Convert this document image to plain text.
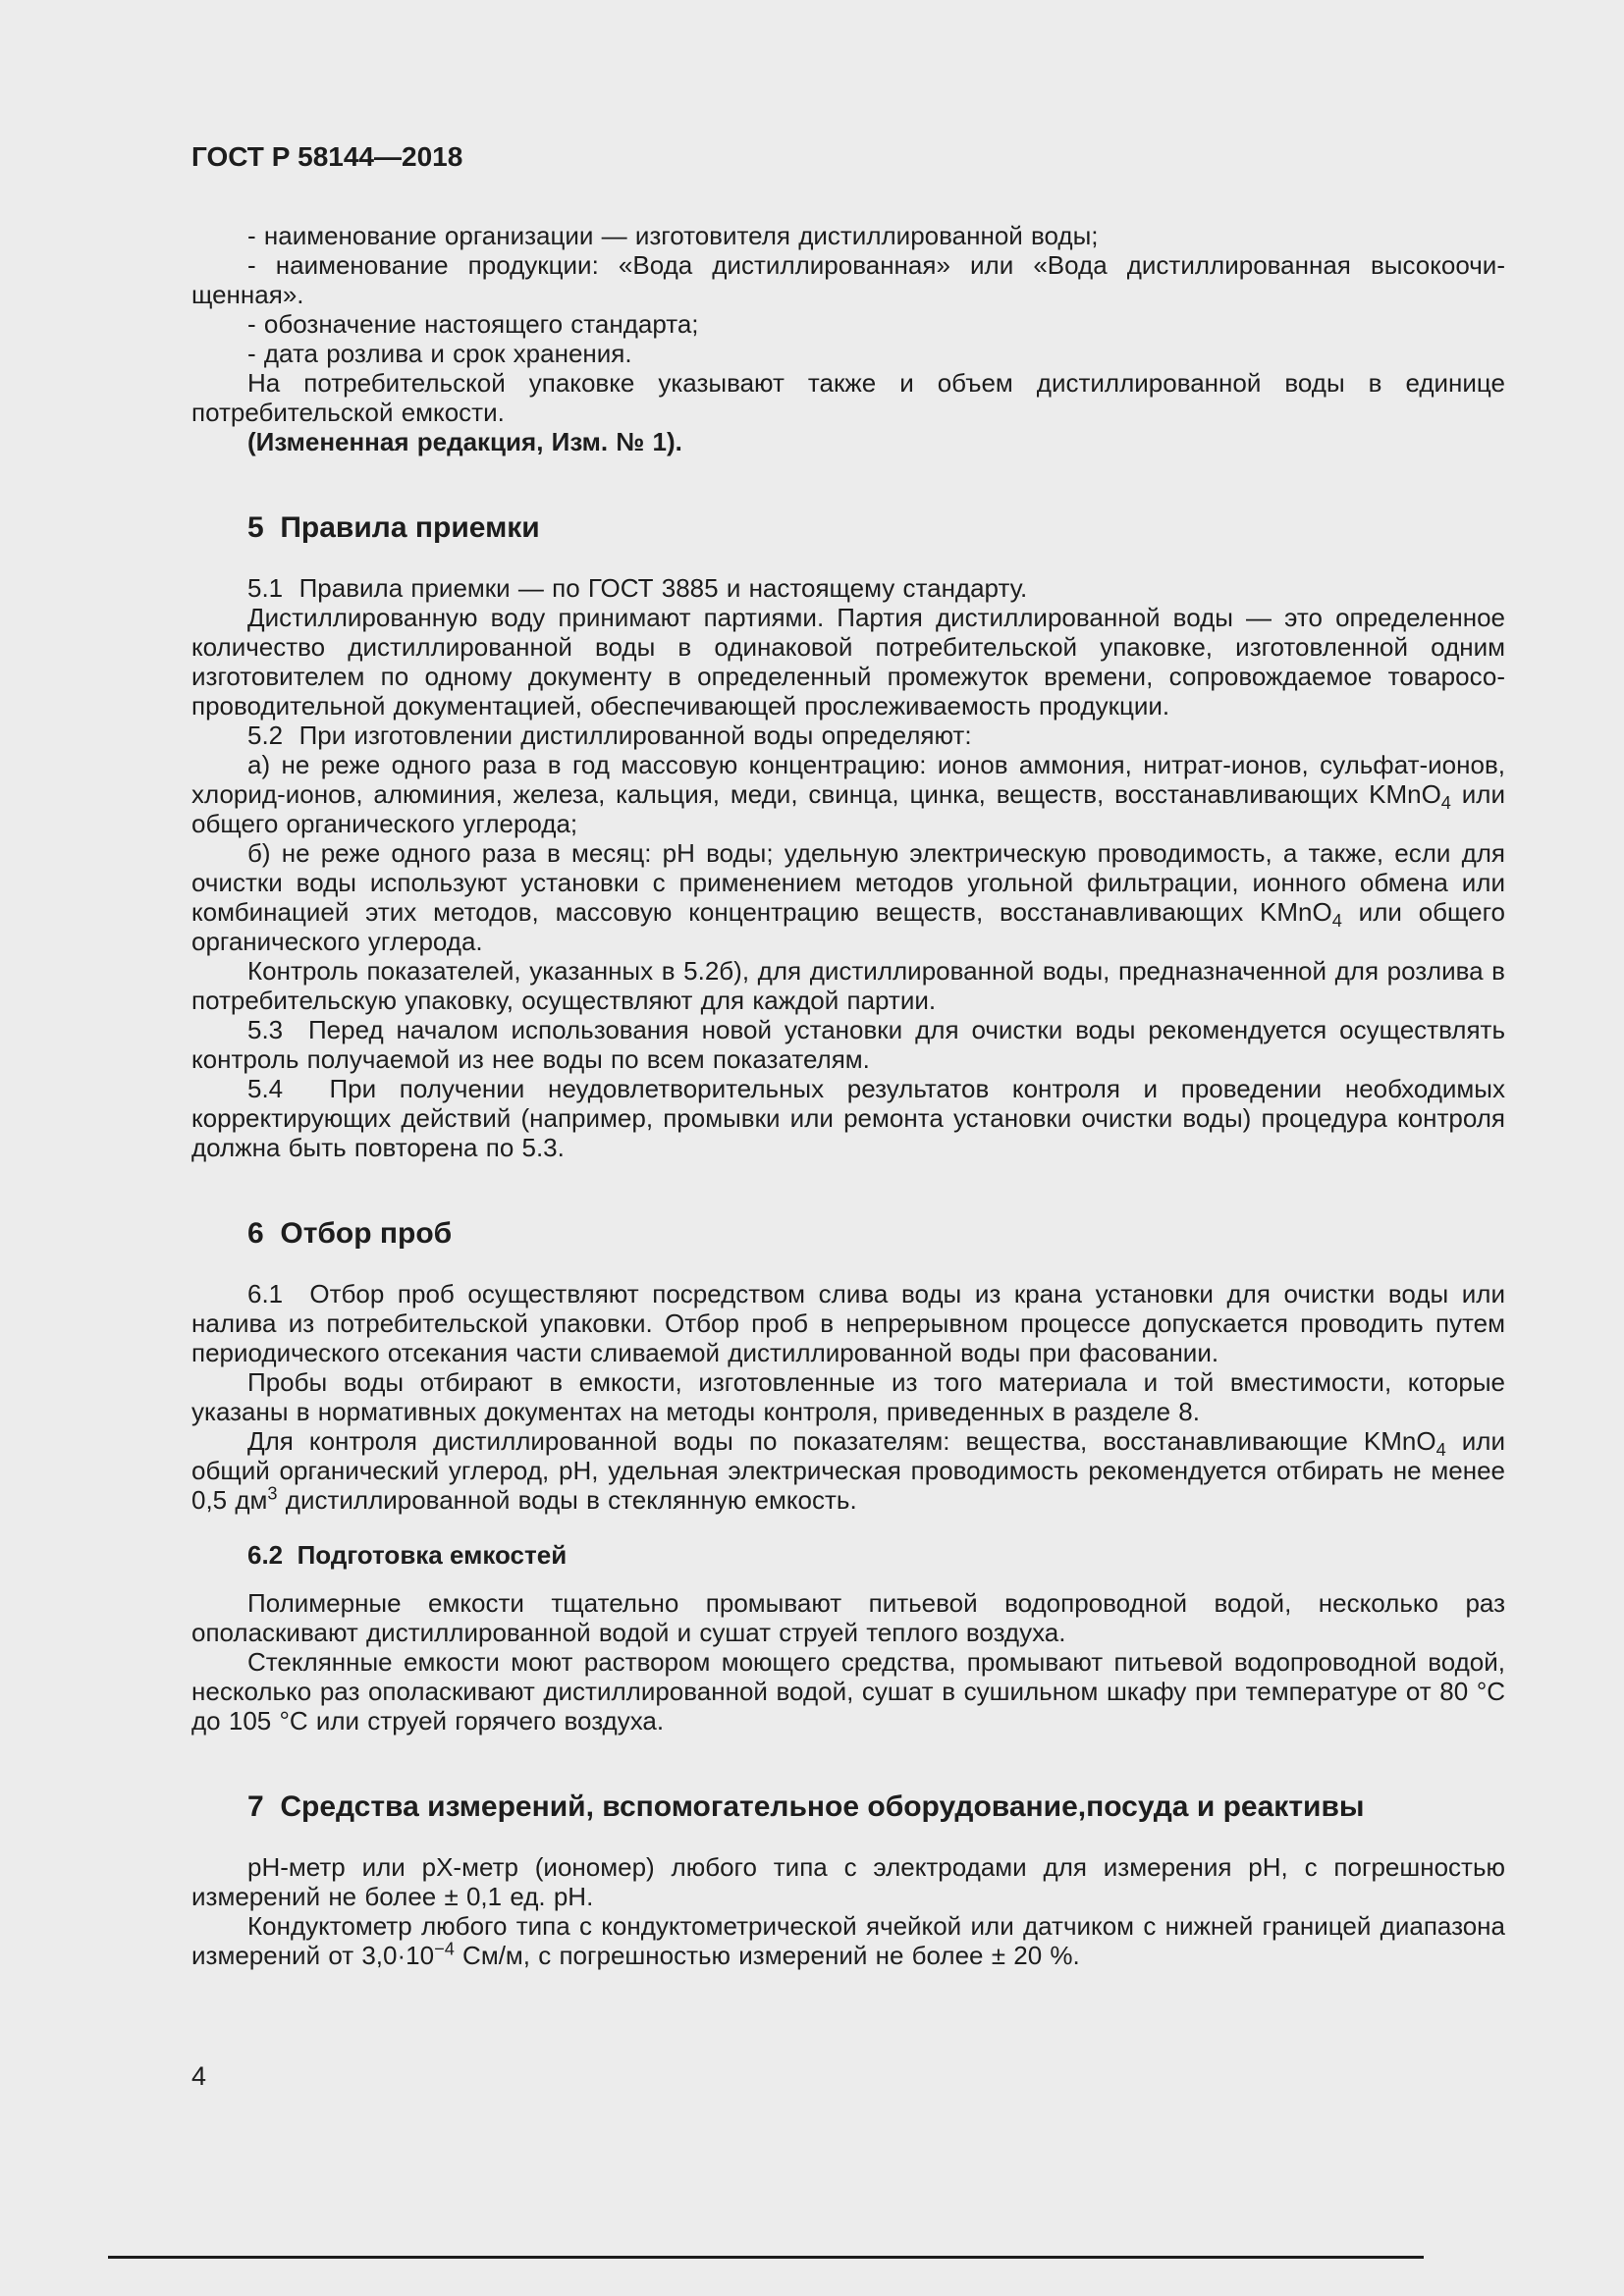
ГОСТ Р 58144—2018

- наименование организации — изготовителя дистиллированной воды;

- наименование продукции: «Вода дистиллированная» или «Вода дистиллированная высокоочищенная».

- обозначение настоящего стандарта;

- дата розлива и срок хранения.

На потребительской упаковке указывают также и объем дистиллированной воды в единице потребительской емкости.

(Измененная редакция, Изм. № 1).

5  Правила приемки

5.1  Правила приемки — по ГОСТ 3885 и настоящему стандарту.

Дистиллированную воду принимают партиями. Партия дистиллированной воды — это определенное количество дистиллированной воды в одинаковой потребительской упаковке, изготовленной одним изготовителем по одному документу в определенный промежуток времени, сопровождаемое товаросопроводительной документацией, обеспечивающей прослеживаемость продукции.

5.2  При изготовлении дистиллированной воды определяют:

а) не реже одного раза в год массовую концентрацию: ионов аммония, нитрат-ионов, сульфат-ионов, хлорид-ионов, алюминия, железа, кальция, меди, свинца, цинка, веществ, восстанавливающих KMnO$_4$ или общего органического углерода;

б) не реже одного раза в месяц: pH воды; удельную электрическую проводимость, а также, если для очистки воды используют установки с применением методов угольной фильтрации, ионного обмена или комбинацией этих методов, массовую концентрацию веществ, восстанавливающих KMnO$_4$ или общего органического углерода.

Контроль показателей, указанных в 5.2б), для дистиллированной воды, предназначенной для розлива в потребительскую упаковку, осуществляют для каждой партии.

5.3  Перед началом использования новой установки для очистки воды рекомендуется осуществлять контроль получаемой из нее воды по всем показателям.

5.4  При получении неудовлетворительных результатов контроля и проведении необходимых корректирующих действий (например, промывки или ремонта установки очистки воды) процедура контроля должна быть повторена по 5.3.

6  Отбор проб

6.1  Отбор проб осуществляют посредством слива воды из крана установки для очистки воды или налива из потребительской упаковки. Отбор проб в непрерывном процессе допускается проводить путем периодического отсекания части сливаемой дистиллированной воды при фасовании.

Пробы воды отбирают в емкости, изготовленные из того материала и той вместимости, которые указаны в нормативных документах на методы контроля, приведенных в разделе 8.

Для контроля дистиллированной воды по показателям: вещества, восстанавливающие KMnO$_4$ или общий органический углерод, pH, удельная электрическая проводимость рекомендуется отбирать не менее 0,5 $дм^3$ дистиллированной воды в стеклянную емкость.

6.2  Подготовка емкостей

Полимерные емкости тщательно промывают питьевой водопроводной водой, несколько раз ополаскивают дистиллированной водой и сушат струей теплого воздуха.

Стеклянные емкости моют раствором моющего средства, промывают питьевой водопроводной водой, несколько раз ополаскивают дистиллированной водой, сушат в сушильном шкафу при температуре от 80 °С до 105 °С или струей горячего воздуха.

7  Средства измерений, вспомогательное оборудование,посуда и реактивы

pH-метр или pX-метр (иономер) любого типа с электродами для измерения pH, с погрешностью измерений не более ± 0,1 ед. pH.

Кондуктометр любого типа с кондуктометрической ячейкой или датчиком с нижней границей диапазона измерений от $3,0\cdot 10^{-4}$ См/м, с погрешностью измерений не более ± 20 %.

4
